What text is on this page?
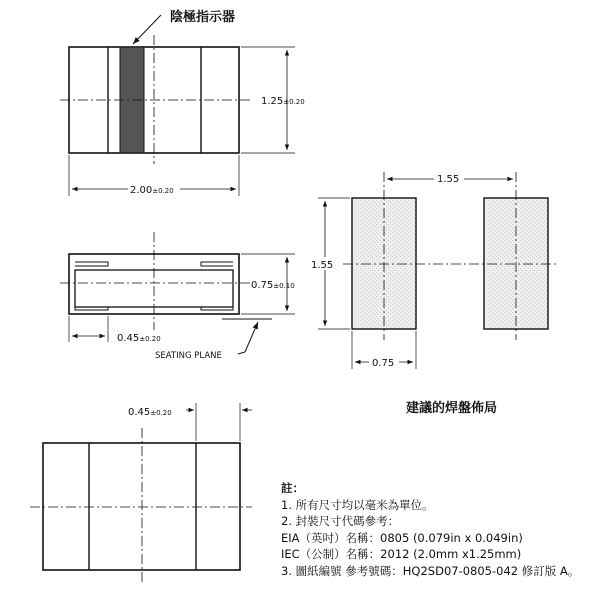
陰極指示器
1.25±0.20
2.00±0.20
0.75±0.10
0.45±0.20
SEATING PLANE
1.55
1.55
0.75
建議的焊盤佈局
0.45±0.20
註：
1. 所有尺寸均以毫米為單位。
2. 封裝尺寸代碼參考：
EIA（英吋）名稱：0805 (0.079in x 0.049in)
IEC（公制）名稱：2012 (2.0mm x1.25mm)
3. 圖紙編號 參考號碼：HQ2SD07-0805-042 修訂版 A。
